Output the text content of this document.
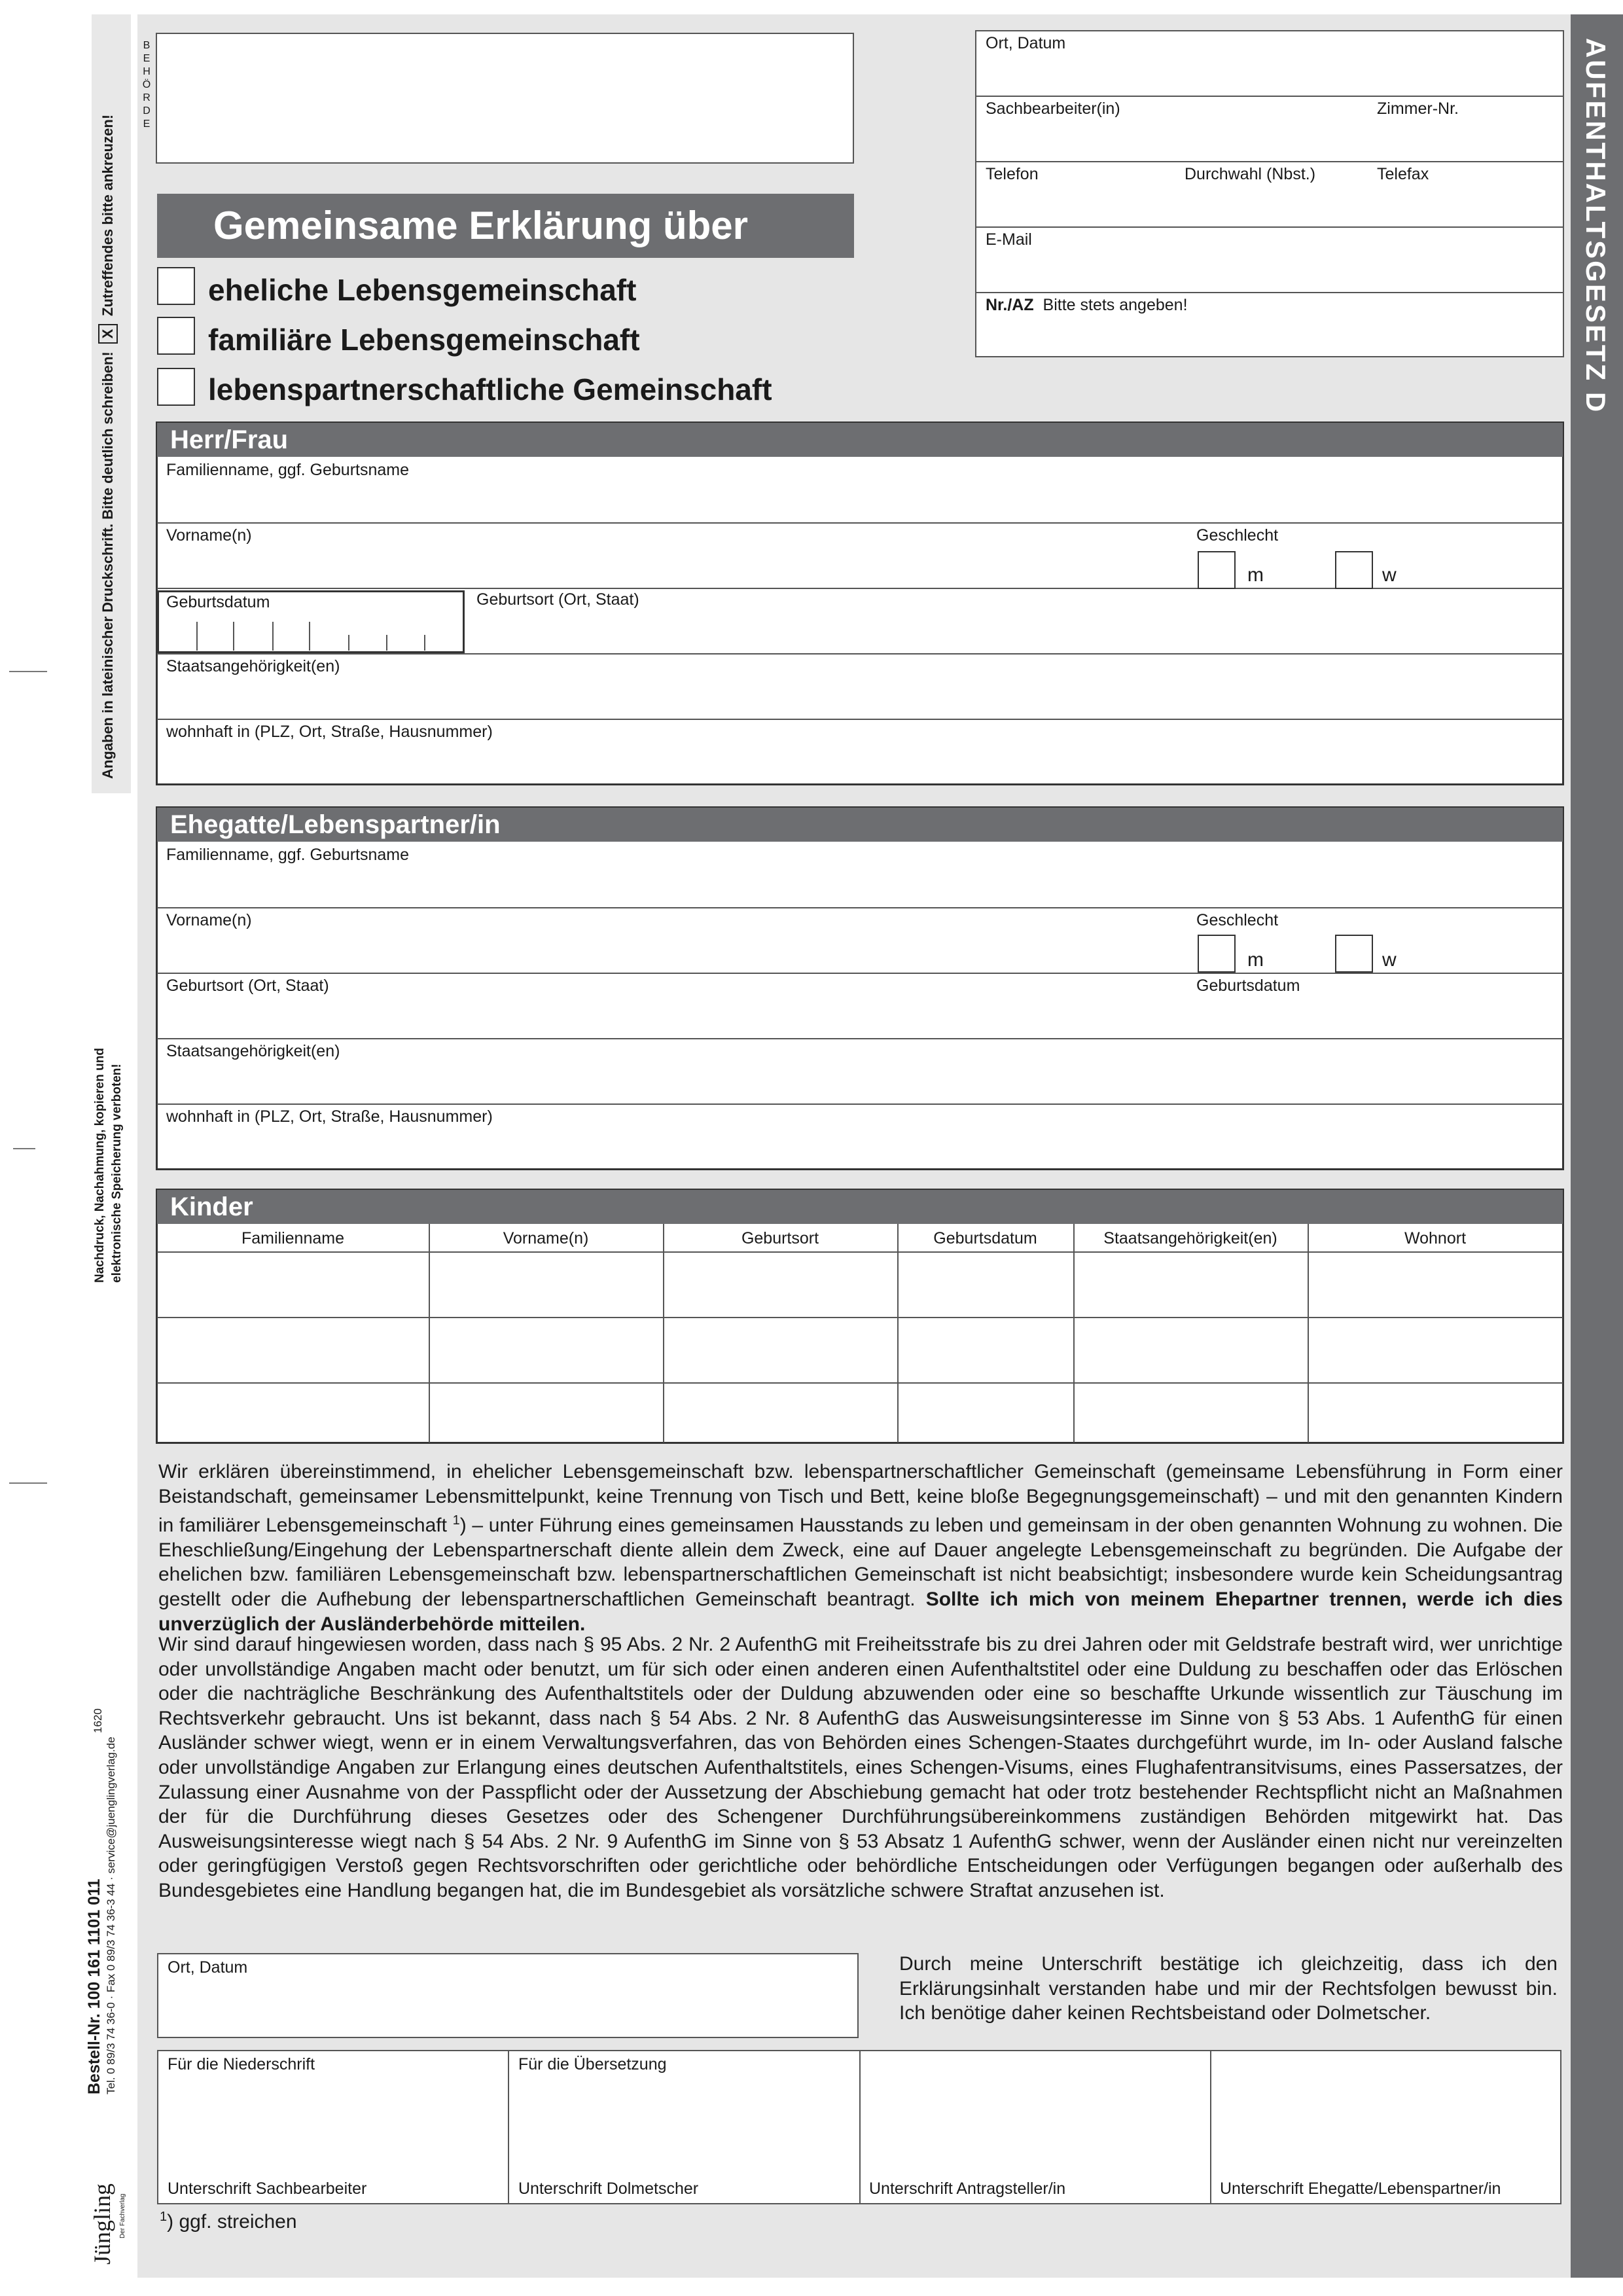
Angaben in lateinischer Druckschrift. Bitte deutlich schreiben! X Zutreffendes bitte ankreuzen!
Nachdruck, Nachahmung, kopieren und elektronische Speicherung verboten!
Bestell-Nr. 100 161 1101 011 Tel. 0 89/3 74 36-0 · Fax 0 89/3 74 36-3 44 · service@juenglingverlag.de
1620
Jüngling Der Fachverlag
AUFENTHALTSGESETZ D
B
E
H
Ö
R
D
E
Gemeinsame Erklärung über
eheliche Lebensgemeinschaft
familiäre Lebensgemeinschaft
lebenspartnerschaftliche Gemeinschaft
Ort, Datum
Sachbearbeiter(in)	Zimmer-Nr.
Telefon	Durchwahl (Nbst.)	Telefax
E-Mail
Nr./AZ Bitte stets angeben!
Herr/Frau
Familienname, ggf. Geburtsname
Vorname(n)	Geschlecht
m	w
Geburtsdatum	Geburtsort (Ort, Staat)
Staatsangehörigkeit(en)
wohnhaft in (PLZ, Ort, Straße, Hausnummer)
Ehegatte/Lebenspartner/in
Familienname, ggf. Geburtsname
Vorname(n)	Geschlecht
m	w
Geburtsort (Ort, Staat)	Geburtsdatum
Staatsangehörigkeit(en)
wohnhaft in (PLZ, Ort, Straße, Hausnummer)
Kinder
Familienname	Vorname(n)	Geburtsort	Geburtsdatum	Staatsangehörigkeit(en)	Wohnort
Wir erklären übereinstimmend, in ehelicher Lebensgemeinschaft bzw. lebenspartnerschaftlicher Gemeinschaft (gemeinsame Lebensführung in Form einer Beistandschaft, gemeinsamer Lebensmittelpunkt, keine Trennung von Tisch und Bett, keine bloße Begegnungsgemeinschaft) – und mit den genannten Kindern in familiärer Lebensgemeinschaft $^1$) – unter Führung eines gemeinsamen Hausstands zu leben und gemeinsam in der oben genannten Wohnung zu wohnen. Die Eheschließung/Eingehung der Lebenspartnerschaft diente allein dem Zweck, eine auf Dauer angelegte Lebensgemeinschaft zu begründen. Die Aufgabe der ehelichen bzw. familiären Lebensgemeinschaft bzw. lebenspartnerschaftlichen Gemeinschaft ist nicht beabsichtigt; insbesondere wurde kein Scheidungsantrag gestellt oder die Aufhebung der lebenspartnerschaftlichen Gemeinschaft beantragt. Sollte ich mich von meinem Ehepartner trennen, werde ich dies unverzüglich der Ausländerbehörde mitteilen.
Wir sind darauf hingewiesen worden, dass nach § 95 Abs. 2 Nr. 2 AufenthG mit Freiheitsstrafe bis zu drei Jahren oder mit Geldstrafe bestraft wird, wer unrichtige oder unvollständige Angaben macht oder benutzt, um für sich oder einen anderen einen Aufenthaltstitel oder eine Duldung zu beschaffen oder das Erlöschen oder die nachträgliche Beschränkung des Aufenthaltstitels oder der Duldung abzuwenden oder eine so beschaffte Urkunde wissentlich zur Täuschung im Rechtsverkehr gebraucht. Uns ist bekannt, dass nach § 54 Abs. 2 Nr. 8 AufenthG das Ausweisungsinteresse im Sinne von § 53 Abs. 1 AufenthG für einen Ausländer schwer wiegt, wenn er in einem Verwaltungsverfahren, das von Behörden eines Schengen-Staates durchgeführt wurde, im In- oder Ausland falsche oder unvollständige Angaben zur Erlangung eines deutschen Aufenthaltstitels, eines Schengen-Visums, eines Flughafentransitvisums, eines Passersatzes, der Zulassung einer Ausnahme von der Passpflicht oder der Aussetzung der Abschiebung gemacht hat oder trotz bestehender Rechtspflicht nicht an Maßnahmen der für die Durchführung dieses Gesetzes oder des Schengener Durchführungsübereinkommens zuständigen Behörden mitgewirkt hat. Das Ausweisungsinteresse wiegt nach § 54 Abs. 2 Nr. 9 AufenthG im Sinne von § 53 Absatz 1 AufenthG schwer, wenn der Ausländer einen nicht nur vereinzelten oder geringfügigen Verstoß gegen Rechtsvorschriften oder gerichtliche oder behördliche Entscheidungen oder Verfügungen begangen oder außerhalb des Bundesgebietes eine Handlung begangen hat, die im Bundesgebiet als vorsätzliche schwere Straftat anzusehen ist.
Ort, Datum	Durch meine Unterschrift bestätige ich gleichzeitig, dass ich den Erklärungsinhalt verstanden habe und mir der Rechtsfolgen bewusst bin. Ich benötige daher keinen Rechtsbeistand oder Dolmetscher.
Für die Niederschrift	Für die Übersetzung
Unterschrift Sachbearbeiter	Unterschrift Dolmetscher	Unterschrift Antragsteller/in	Unterschrift Ehegatte/Lebenspartner/in
$^1$) ggf. streichen
